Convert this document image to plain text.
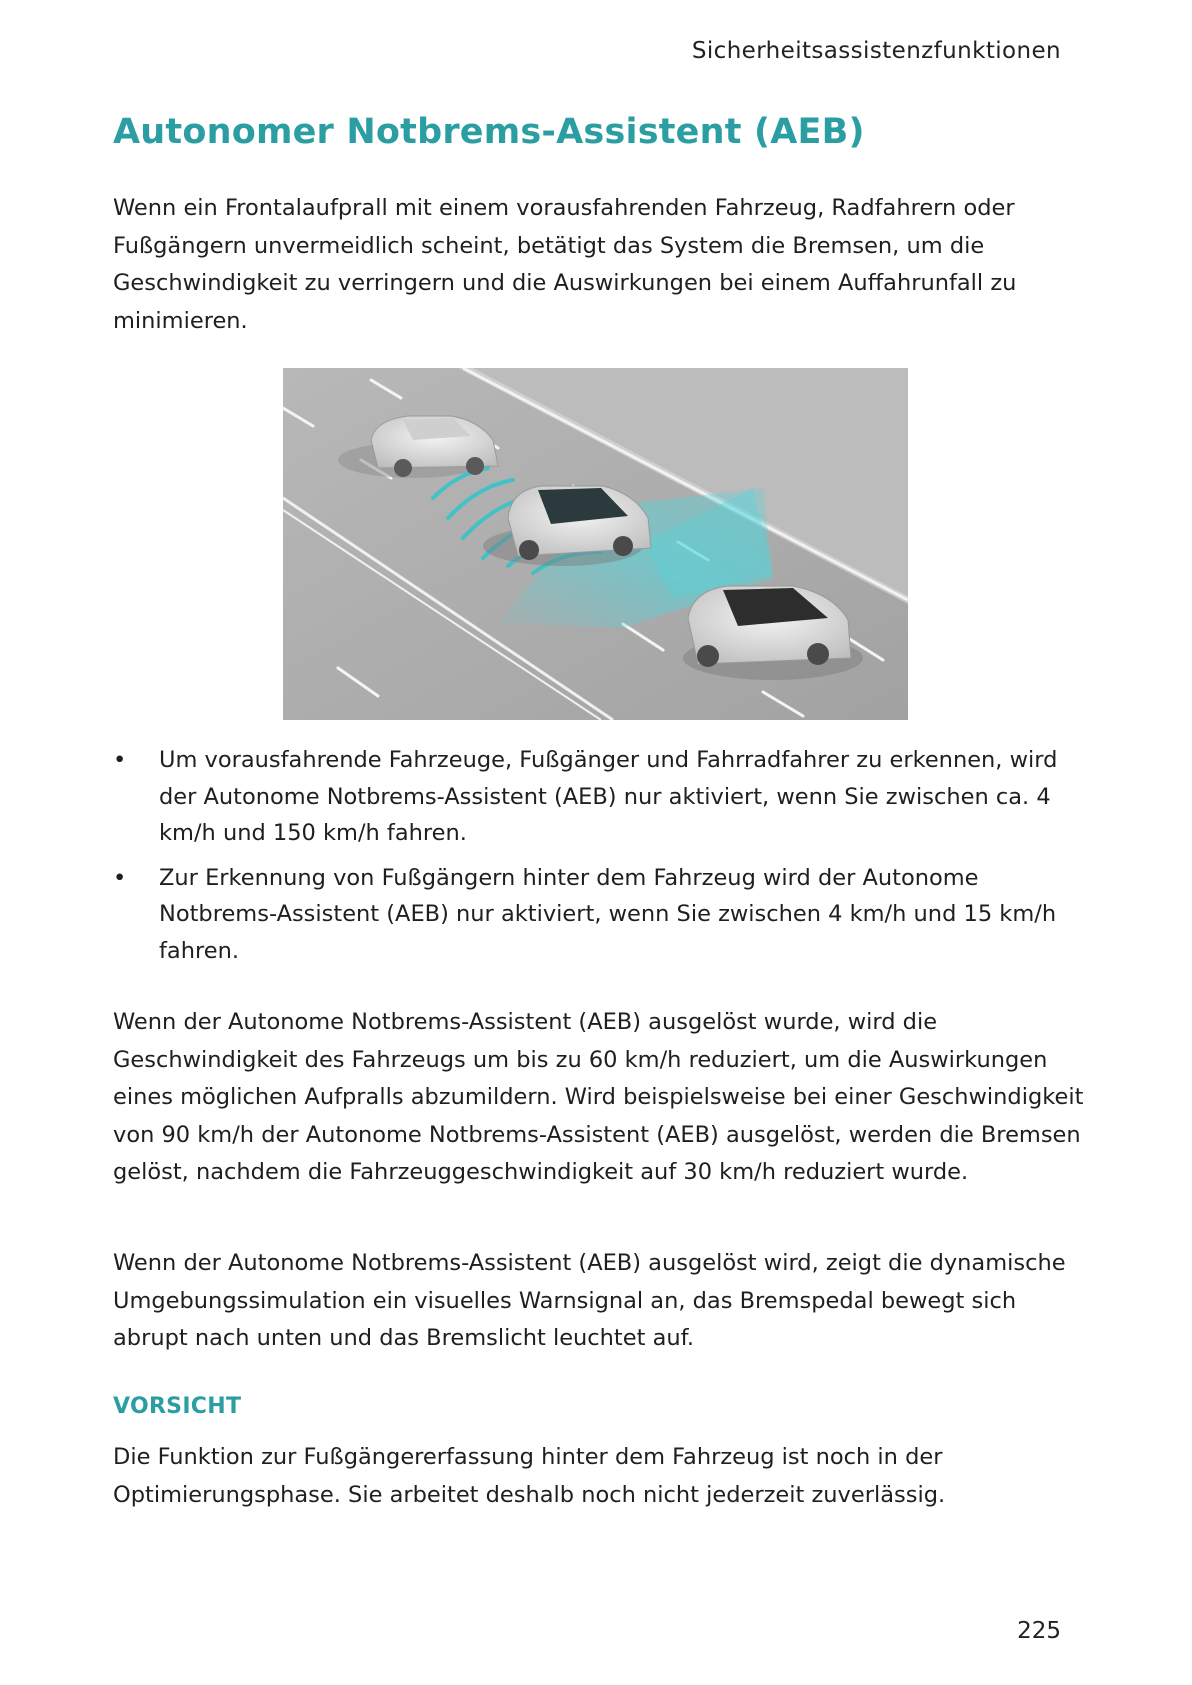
Sicherheitsassistenzfunktionen
Autonomer Notbrems-Assistent (AEB)

Wenn ein Frontalaufprall mit einem vorausfahrenden Fahrzeug, Radfahrern oder Fußgängern unvermeidlich scheint, betätigt das System die Bremsen, um die Geschwindigkeit zu verringern und die Auswirkungen bei einem Auffahrunfall zu minimieren.

• Um vorausfahrende Fahrzeuge, Fußgänger und Fahrradfahrer zu erkennen, wird der Autonome Notbrems-Assistent (AEB) nur aktiviert, wenn Sie zwischen ca. 4 km/h und 150 km/h fahren.
• Zur Erkennung von Fußgängern hinter dem Fahrzeug wird der Autonome Notbrems-Assistent (AEB) nur aktiviert, wenn Sie zwischen 4 km/h und 15 km/h fahren.

Wenn der Autonome Notbrems-Assistent (AEB) ausgelöst wurde, wird die Geschwindigkeit des Fahrzeugs um bis zu 60 km/h reduziert, um die Auswirkungen eines möglichen Aufpralls abzumildern. Wird beispielsweise bei einer Geschwindigkeit von 90 km/h der Autonome Notbrems-Assistent (AEB) ausgelöst, werden die Bremsen gelöst, nachdem die Fahrzeuggeschwindigkeit auf 30 km/h reduziert wurde.

Wenn der Autonome Notbrems-Assistent (AEB) ausgelöst wird, zeigt die dynamische Umgebungssimulation ein visuelles Warnsignal an, das Bremspedal bewegt sich abrupt nach unten und das Bremslicht leuchtet auf.

VORSICHT

Die Funktion zur Fußgängererfassung hinter dem Fahrzeug ist noch in der Optimierungsphase. Sie arbeitet deshalb noch nicht jederzeit zuverlässig.

225
